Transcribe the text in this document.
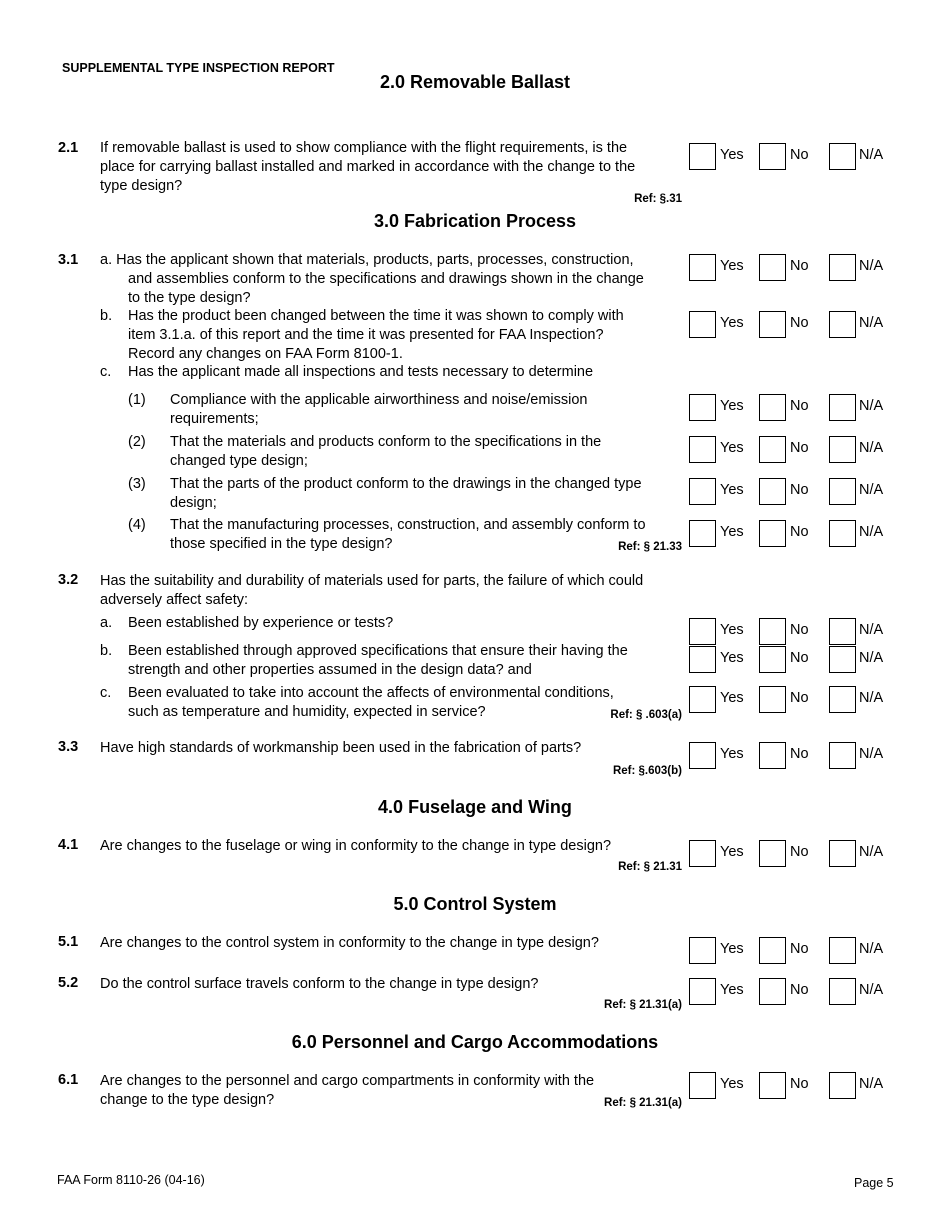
SUPPLEMENTAL TYPE INSPECTION REPORT
2.0 Removable Ballast
2.1 If removable ballast is used to show compliance with the flight requirements, is the
place for carrying ballast installed and marked in accordance with the change to the
type design?
Ref: §.31
Yes	No	N/A
3.0 Fabrication Process
3.1 a. Has the applicant shown that materials, products, parts, processes, construction,
and assemblies conform to the specifications and drawings shown in the change
to the type design?
Yes	No	N/A
b. Has the product been changed between the time it was shown to comply with
item 3.1.a. of this report and the time it was presented for FAA Inspection?
Record any changes on FAA Form 8100-1.
Yes	No	N/A
c. Has the applicant made all inspections and tests necessary to determine
(1) Compliance with the applicable airworthiness and noise/emission
requirements;
Yes	No	N/A
(2) That the materials and products conform to the specifications in the
changed type design;
Yes	No	N/A
(3) That the parts of the product conform to the drawings in the changed type
design;
Yes	No	N/A
(4) That the manufacturing processes, construction, and assembly conform to
those specified in the type design?	Ref: § 21.33
Yes	No	N/A
3.2 Has the suitability and durability of materials used for parts, the failure of which could
adversely affect safety:
a. Been established by experience or tests?	Yes	No	N/A
b. Been established through approved specifications that ensure their having the
strength and other properties assumed in the design data? and
Yes	No	N/A
c. Been evaluated to take into account the affects of environmental conditions,
such as temperature and humidity, expected in service?	Ref: § .603(a)
Yes	No	N/A
3.3 Have high standards of workmanship been used in the fabrication of parts?
Ref: §.603(b)
Yes	No	N/A
4.0 Fuselage and Wing
4.1 Are changes to the fuselage or wing in conformity to the change in type design?
Ref: § 21.31
Yes	No	N/A
5.0 Control System
5.1 Are changes to the control system in conformity to the change in type design?	Yes	No	N/A
5.2 Do the control surface travels conform to the change in type design?
Ref: § 21.31(a)
Yes	No	N/A
6.0 Personnel and Cargo Accommodations
6.1 Are changes to the personnel and cargo compartments in conformity with the
change to the type design?	Ref: § 21.31(a)
Yes	No	N/A
FAA Form 8110-26 (04-16)	Page 5
